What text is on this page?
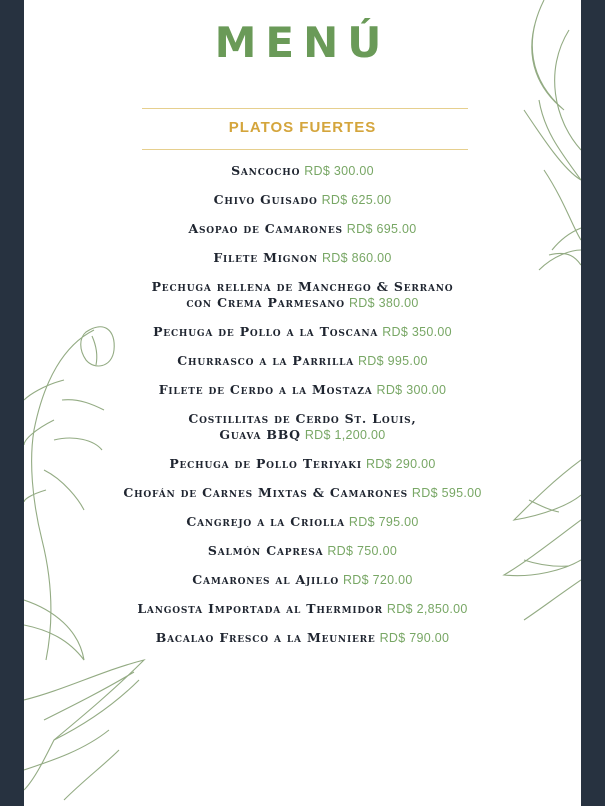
MENÚ
PLATOS FUERTES
Sancocho RD$ 300.00
Chivo Guisado RD$ 625.00
Asopao de Camarones RD$ 695.00
Filete Mignon RD$ 860.00
Pechuga rellena de Manchego & Serrano
con Crema Parmesano RD$ 380.00
Pechuga de Pollo a la Toscana RD$ 350.00
Churrasco a la Parrilla RD$ 995.00
Filete de Cerdo a la Mostaza RD$ 300.00
Costillitas de Cerdo St. Louis,
Guava BBQ RD$ 1,200.00
Pechuga de Pollo Teriyaki RD$ 290.00
Chofán de Carnes Mixtas & Camarones RD$ 595.00
Cangrejo a la Criolla RD$ 795.00
Salmón Capresa RD$ 750.00
Camarones al Ajillo RD$ 720.00
Langosta Importada al Thermidor RD$ 2,850.00
Bacalao Fresco a la Meuniere RD$ 790.00
